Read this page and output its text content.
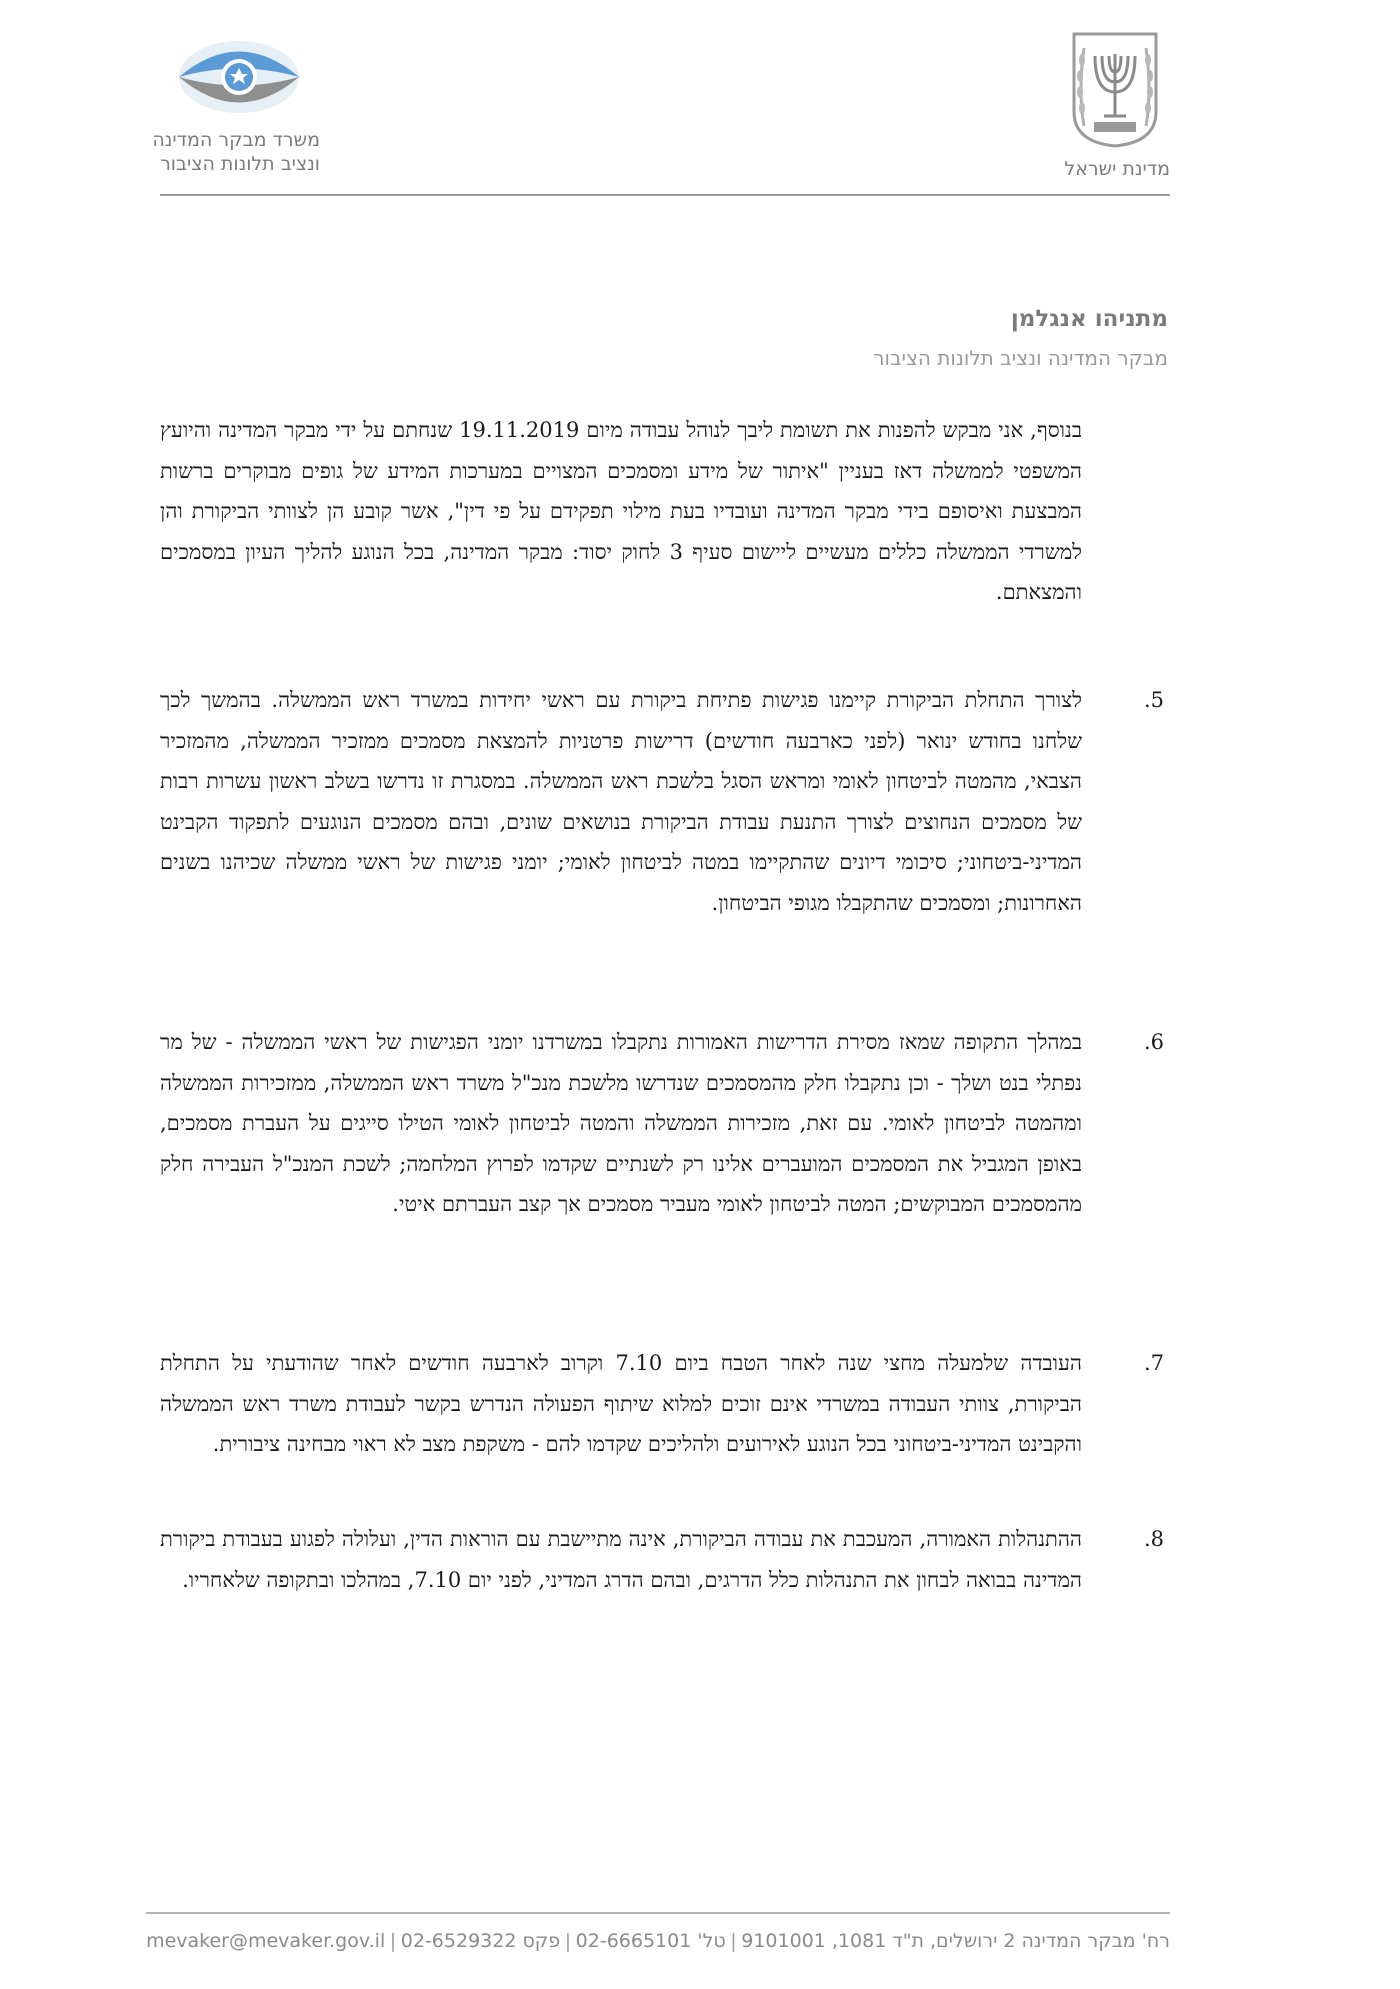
מדינת ישראל
משרד מבקר המדינה
ונציב תלונות הציבור
מתניהו אנגלמן
מבקר המדינה ונציב תלונות הציבור

בנוסף, אני מבקש להפנות את תשומת ליבך לנוהל עבודה מיום 19.11.2019 שנחתם על ידי מבקר המדינה והיועץ המשפטי לממשלה דאז בעניין "איתור של מידע ומסמכים המצויים במערכות המידע של גופים מבוקרים ברשות המבצעת ואיסופם בידי מבקר המדינה ועובדיו בעת מילוי תפקידם על פי דין", אשר קובע הן לצוותי הביקורת והן למשרדי הממשלה כללים מעשיים ליישום סעיף 3 לחוק יסוד: מבקר המדינה, בכל הנוגע להליך העיון במסמכים והמצאתם.

5.
לצורך התחלת הביקורת קיימנו פגישות פתיחת ביקורת עם ראשי יחידות במשרד ראש הממשלה. בהמשך לכך שלחנו בחודש ינואר (לפני כארבעה חודשים) דרישות פרטניות להמצאת מסמכים ממזכיר הממשלה, מהמזכיר הצבאי, מהמטה לביטחון לאומי ומראש הסגל בלשכת ראש הממשלה. במסגרת זו נדרשו בשלב ראשון עשרות רבות של מסמכים הנחוצים לצורך התנעת עבודת הביקורת בנושאים שונים, ובהם מסמכים הנוגעים לתפקוד הקבינט המדיני-ביטחוני; סיכומי דיונים שהתקיימו במטה לביטחון לאומי; יומני פגישות של ראשי ממשלה שכיהנו בשנים האחרונות; ומסמכים שהתקבלו מגופי הביטחון.
6.
במהלך התקופה שמאז מסירת הדרישות האמורות נתקבלו במשרדנו יומני הפגישות של ראשי הממשלה - של מר נפתלי בנט ושלך - וכן נתקבלו חלק מהמסמכים שנדרשו מלשכת מנכ"ל משרד ראש הממשלה, ממזכירות הממשלה ומהמטה לביטחון לאומי. עם זאת, מזכירות הממשלה והמטה לביטחון לאומי הטילו סייגים על העברת מסמכים, באופן המגביל את המסמכים המועברים אלינו רק לשנתיים שקדמו לפרוץ המלחמה; לשכת המנכ"ל העבירה חלק מהמסמכים המבוקשים; המטה לביטחון לאומי מעביר מסמכים אך קצב העברתם איטי.
7.
העובדה שלמעלה מחצי שנה לאחר הטבח ביום 7.10 וקרוב לארבעה חודשים לאחר שהודעתי על התחלת הביקורת, צוותי העבודה במשרדי אינם זוכים למלוא שיתוף הפעולה הנדרש בקשר לעבודת משרד ראש הממשלה והקבינט המדיני-ביטחוני בכל הנוגע לאירועים ולהליכים שקדמו להם - משקפת מצב לא ראוי מבחינה ציבורית.
8.
ההתנהלות האמורה, המעכבת את עבודה הביקורת, אינה מתיישבת עם הוראות הדין, ועלולה לפגוע בעבודת ביקורת המדינה בבואה לבחון את התנהלות כלל הדרגים, ובהם הדרג המדיני, לפני יום 7.10, במהלכו ובתקופה שלאחריו.
רח' מבקר המדינה 2 ירושלים, ת"ד 1081, 9101001
|
טל' 02-6665101
|
פקס 02-6529322
|
mevaker@mevaker.gov.il
